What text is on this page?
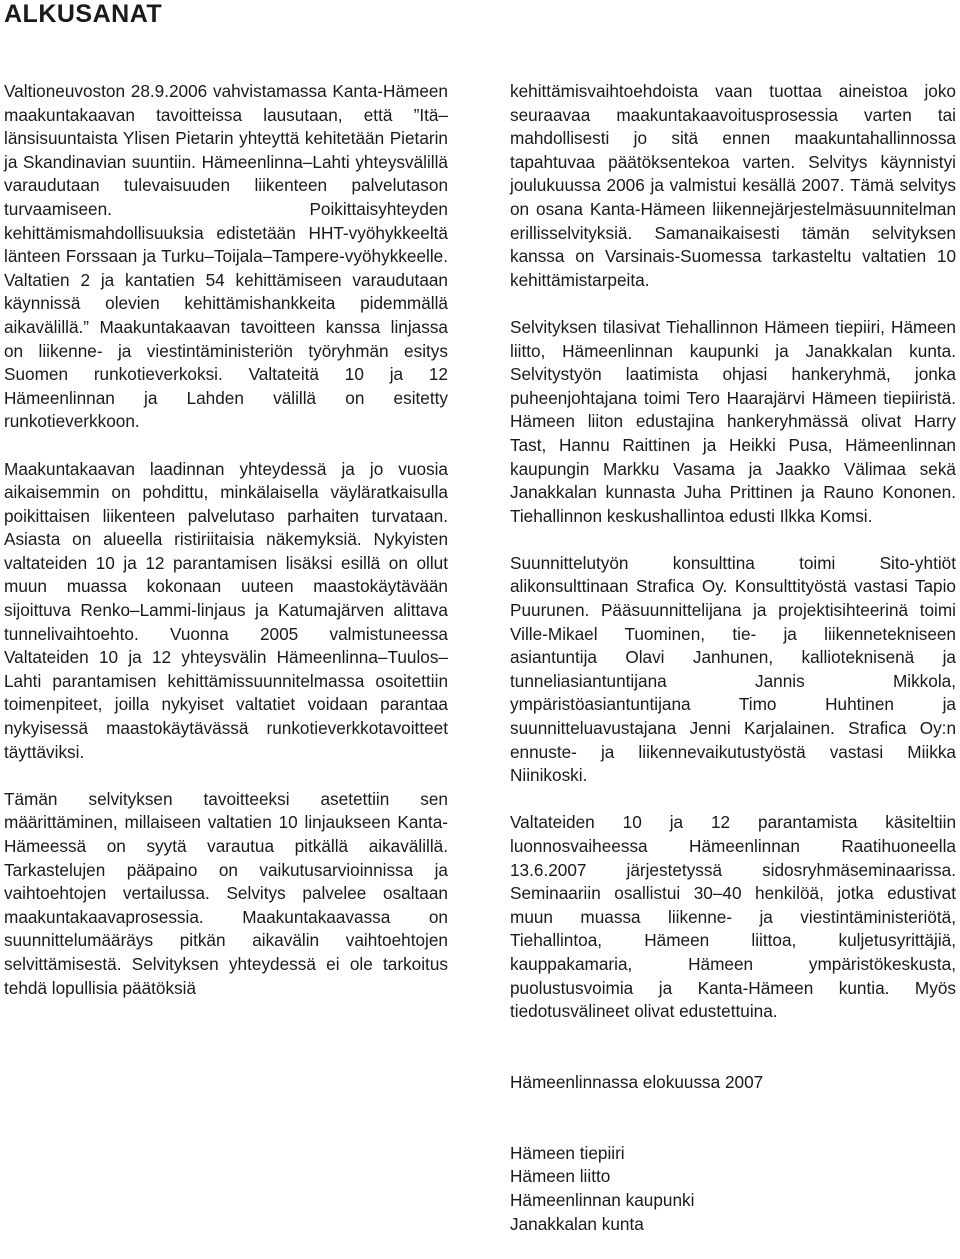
ALKUSANAT

Valtioneuvoston 28.9.2006 vahvistamassa Kanta-Hämeen maakuntakaavan tavoitteissa lausutaan, että ”Itä–länsisuuntaista Ylisen Pietarin yhteyttä kehitetään Pietarin ja Skandinavian suuntiin. Hämeenlinna–Lahti yhteysvälillä varaudutaan tulevaisuuden liikenteen palvelutason turvaamiseen. Poikittaisyhteyden kehittämismahdollisuuksia edistetään HHT-vyöhykkeeltä länteen Forssaan ja Turku–Toijala–Tampere-vyöhykkeelle. Valtatien 2 ja kantatien 54 kehittämiseen varaudutaan käynnissä olevien kehittämishankkeita pidemmällä aikavälillä.” Maakuntakaavan tavoitteen kanssa linjassa on liikenne- ja viestintäministeriön työryhmän esitys Suomen runkotieverkoksi. Valtateitä 10 ja 12 Hämeenlinnan ja Lahden välillä on esitetty runkotieverkkoon.

Maakuntakaavan laadinnan yhteydessä ja jo vuosia aikaisemmin on pohdittu, minkälaisella väyläratkaisulla poikittaisen liikenteen palvelutaso parhaiten turvataan. Asiasta on alueella ristiriitaisia näkemyksiä. Nykyisten valtateiden 10 ja 12 parantamisen lisäksi esillä on ollut muun muassa kokonaan uuteen maastokäytävään sijoittuva Renko–Lammi-linjaus ja Katumajärven alittava tunnelivaihtoehto. Vuonna 2005 valmistuneessa Valtateiden 10 ja 12 yhteysvälin Hämeenlinna–Tuulos–Lahti parantamisen kehittämissuunnitelmassa osoitettiin toimenpiteet, joilla nykyiset valtatiet voidaan parantaa nykyisessä maastokäytävässä runkotieverkkotavoitteet täyttäviksi.

Tämän selvityksen tavoitteeksi asetettiin sen määrittäminen, millaiseen valtatien 10 linjaukseen Kanta-Hämeessä on syytä varautua pitkällä aikavälillä. Tarkastelujen pääpaino on vaikutusarvioinnissa ja vaihtoehtojen vertailussa. Selvitys palvelee osaltaan maakuntakaavaprosessia. Maakuntakaavassa on suunnittelumääräys pitkän aikavälin vaihtoehtojen selvittämisestä. Selvityksen yhteydessä ei ole tarkoitus tehdä lopullisia päätöksiä

kehittämisvaihtoehdoista vaan tuottaa aineistoa joko seuraavaa maakuntakaavoitusprosessia varten tai mahdollisesti jo sitä ennen maakuntahallinnossa tapahtuvaa päätöksentekoa varten. Selvitys käynnistyi joulukuussa 2006 ja valmistui kesällä 2007. Tämä selvitys on osana Kanta-Hämeen liikennejärjestelmäsuunnitelman erillisselvityksiä. Samanaikaisesti tämän selvityksen kanssa on Varsinais-Suomessa tarkasteltu valtatien 10 kehittämistarpeita.

Selvityksen tilasivat Tiehallinnon Hämeen tiepiiri, Hämeen liitto, Hämeenlinnan kaupunki ja Janakkalan kunta. Selvitystyön laatimista ohjasi hankeryhmä, jonka puheenjohtajana toimi Tero Haarajärvi Hämeen tiepiiristä. Hämeen liiton edustajina hankeryhmässä olivat Harry Tast, Hannu Raittinen ja Heikki Pusa, Hämeenlinnan kaupungin Markku Vasama ja Jaakko Välimaa sekä Janakkalan kunnasta Juha Prittinen ja Rauno Kononen. Tiehallinnon keskushallintoa edusti Ilkka Komsi.

Suunnittelutyön konsulttina toimi Sito-yhtiöt alikonsulttinaan Strafica Oy. Konsulttityöstä vastasi Tapio Puurunen. Pääsuunnittelijana ja projektisihteerinä toimi Ville-Mikael Tuominen, tie- ja liikennetekniseen asiantuntija Olavi Janhunen, kallioteknisenä ja tunneliasiantuntijana Jannis Mikkola, ympäristöasiantuntijana Timo Huhtinen ja suunnitteluavustajana Jenni Karjalainen. Strafica Oy:n ennuste- ja liikennevaikutustyöstä vastasi Miikka Niinikoski.

Valtateiden 10 ja 12 parantamista käsiteltiin luonnosvaiheessa Hämeenlinnan Raatihuoneella 13.6.2007 järjestetyssä sidosryhmäseminaarissa. Seminaariin osallistui 30–40 henkilöä, jotka edustivat muun muassa liikenne- ja viestintäministeriötä, Tiehallintoa, Hämeen liittoa, kuljetusyrittäjiä, kauppakamaria, Hämeen ympäristökeskusta, puolustusvoimia ja Kanta-Hämeen kuntia. Myös tiedotusvälineet olivat edustettuina.

Hämeenlinnassa elokuussa 2007

Hämeen tiepiiri

Hämeen liitto

Hämeenlinnan kaupunki

Janakkalan kunta
